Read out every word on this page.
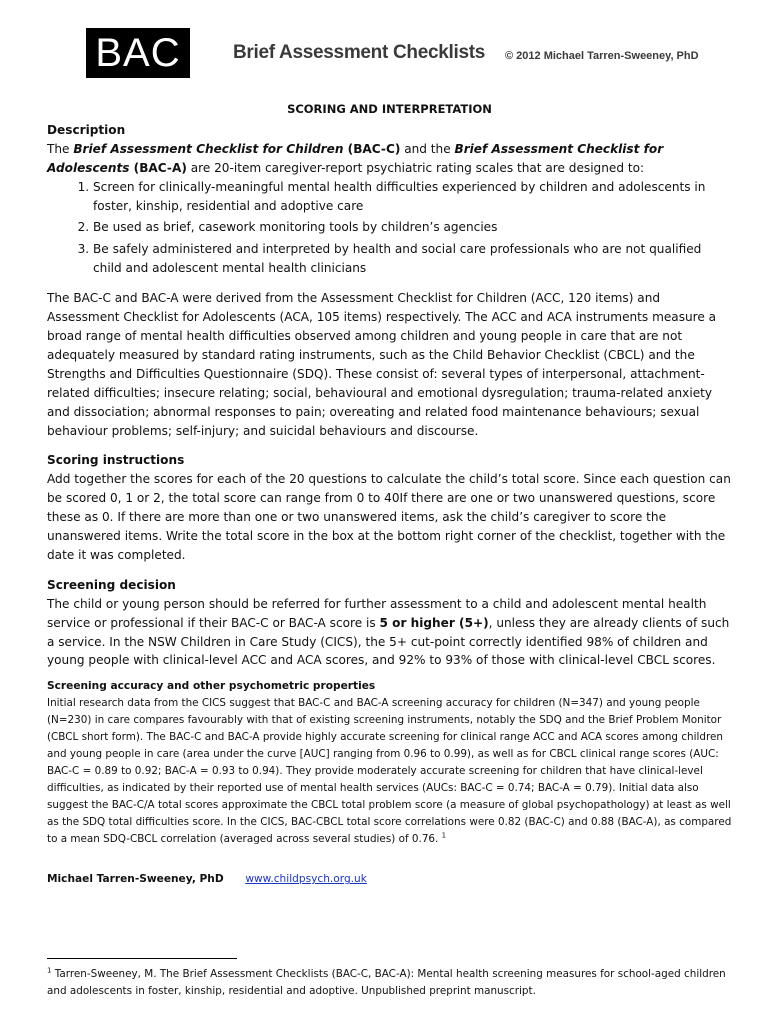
BAC	Brief Assessment Checklists © 2012 Michael Tarren-Sweeney, PhD

SCORING AND INTERPRETATION

Description

The Brief Assessment Checklist for Children (BAC-C) and the Brief Assessment Checklist for Adolescents (BAC-A) are 20-item caregiver-report psychiatric rating scales that are designed to:

1. Screen for clinically-meaningful mental health difficulties experienced by children and adolescents in foster, kinship, residential and adoptive care
2. Be used as brief, casework monitoring tools by children’s agencies
3. Be safely administered and interpreted by health and social care professionals who are not qualified child and adolescent mental health clinicians

The BAC-C and BAC-A were derived from the Assessment Checklist for Children (ACC, 120 items) and Assessment Checklist for Adolescents (ACA, 105 items) respectively. The ACC and ACA instruments measure a broad range of mental health difficulties observed among children and young people in care that are not adequately measured by standard rating instruments, such as the Child Behavior Checklist (CBCL) and the Strengths and Difficulties Questionnaire (SDQ). These consist of: several types of interpersonal, attachment-related difficulties; insecure relating; social, behavioural and emotional dysregulation; trauma-related anxiety and dissociation; abnormal responses to pain; overeating and related food maintenance behaviours; sexual behaviour problems; self-injury; and suicidal behaviours and discourse.

Scoring instructions

Add together the scores for each of the 20 questions to calculate the child’s total score. Since each question can be scored 0, 1 or 2, the total score can range from 0 to 40If there are one or two unanswered questions, score these as 0. If there are more than one or two unanswered items, ask the child’s caregiver to score the unanswered items. Write the total score in the box at the bottom right corner of the checklist, together with the date it was completed.

Screening decision

The child or young person should be referred for further assessment to a child and adolescent mental health service or professional if their BAC-C or BAC-A score is 5 or higher (5+), unless they are already clients of such a service. In the NSW Children in Care Study (CICS), the 5+ cut-point correctly identified 98% of children and young people with clinical-level ACC and ACA scores, and 92% to 93% of those with clinical-level CBCL scores.

Screening accuracy and other psychometric properties

Initial research data from the CICS suggest that BAC-C and BAC-A screening accuracy for children (N=347) and young people (N=230) in care compares favourably with that of existing screening instruments, notably the SDQ and the Brief Problem Monitor (CBCL short form). The BAC-C and BAC-A provide highly accurate screening for clinical range ACC and ACA scores among children and young people in care (area under the curve [AUC] ranging from 0.96 to 0.99), as well as for CBCL clinical range scores (AUC: BAC-C = 0.89 to 0.92; BAC-A = 0.93 to 0.94). They provide moderately accurate screening for children that have clinical-level difficulties, as indicated by their reported use of mental health services (AUCs: BAC-C = 0.74; BAC-A = 0.79). Initial data also suggest the BAC-C/A total scores approximate the CBCL total problem score (a measure of global psychopathology) at least as well as the SDQ total difficulties score. In the CICS, BAC-CBCL total score correlations were 0.82 (BAC-C) and 0.88 (BAC-A), as compared to a mean SDQ-CBCL correlation (averaged across several studies) of 0.76. $^1$

Michael Tarren-Sweeney, PhD www.childpsych.org.uk
$^1$ Tarren-Sweeney, M. The Brief Assessment Checklists (BAC-C, BAC-A): Mental health screening measures for school-aged children and adolescents in foster, kinship, residential and adoptive. Unpublished preprint manuscript.
